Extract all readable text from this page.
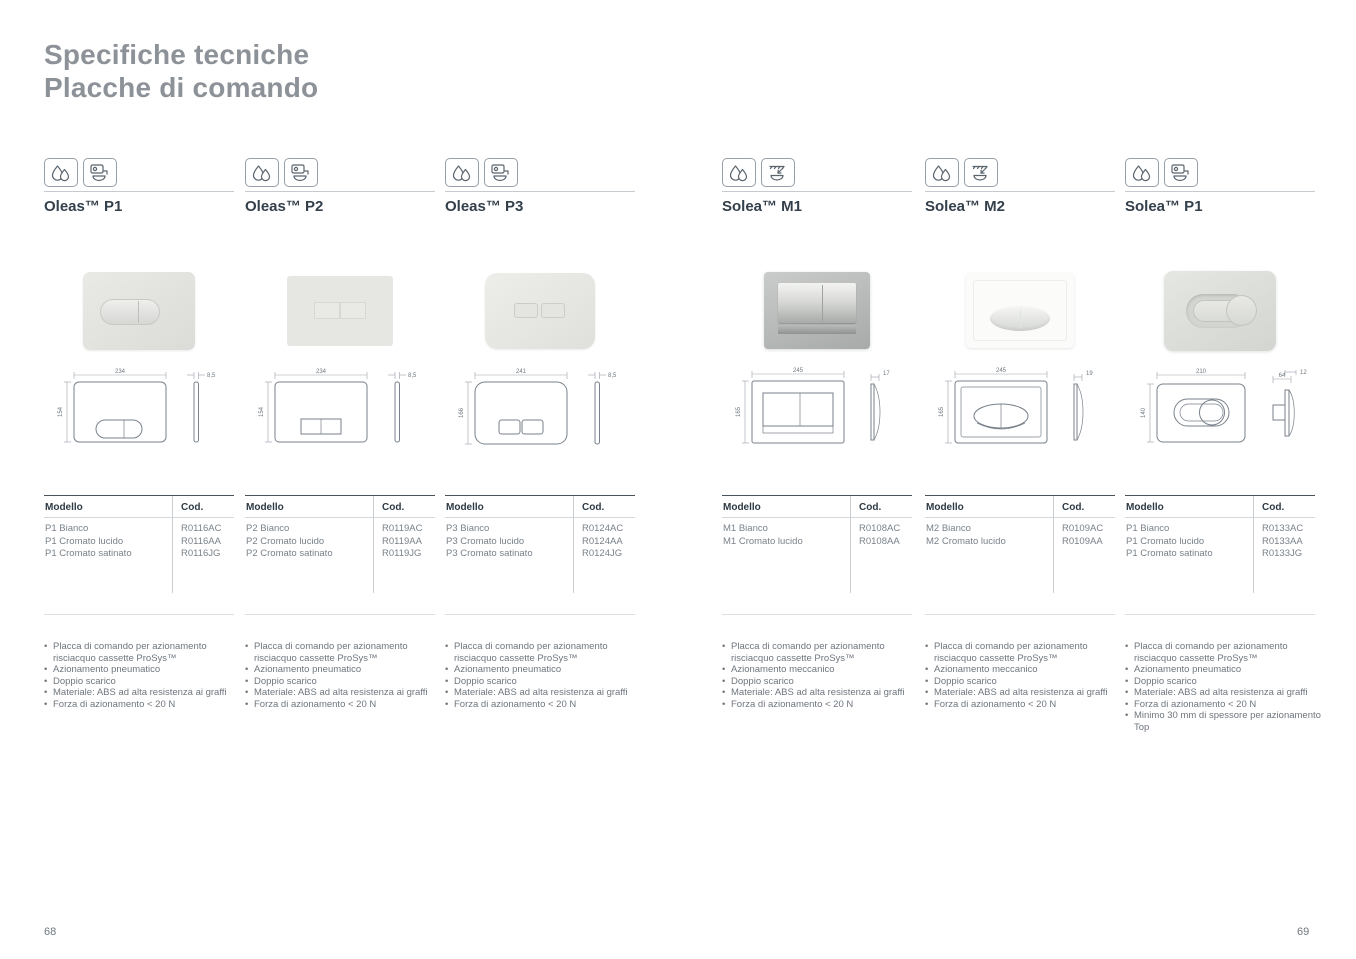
Specifiche tecniche
Placche di comando
Oleas™ P1
234
154
8,5
Modello	Cod.
P1 Bianco	R0116AC
P1 Cromato lucido	R0116AA
P1 Cromato satinato	R0116JG
• Placca di comando per azionamento risciacquo cassette ProSys™
• Azionamento pneumatico
• Doppio scarico
• Materiale: ABS ad alta resistenza ai graffi
• Forza di azionamento < 20 N
Oleas™ P2
234
154
8,5
Modello	Cod.
P2 Bianco	R0119AC
P2 Cromato lucido	R0119AA
P2 Cromato satinato	R0119JG
• Placca di comando per azionamento risciacquo cassette ProSys™
• Azionamento pneumatico
• Doppio scarico
• Materiale: ABS ad alta resistenza ai graffi
• Forza di azionamento < 20 N
Oleas™ P3
241
166
8,5
Modello	Cod.
P3 Bianco	R0124AC
P3 Cromato lucido	R0124AA
P3 Cromato satinato	R0124JG
• Placca di comando per azionamento risciacquo cassette ProSys™
• Azionamento pneumatico
• Doppio scarico
• Materiale: ABS ad alta resistenza ai graffi
• Forza di azionamento < 20 N
Solea™ M1
245
165
17
Modello	Cod.
M1 Bianco	R0108AC
M1 Cromato lucido	R0108AA
• Placca di comando per azionamento risciacquo cassette ProSys™
• Azionamento meccanico
• Doppio scarico
• Materiale: ABS ad alta resistenza ai graffi
• Forza di azionamento < 20 N
Solea™ M2
245
165
19
Modello	Cod.
M2 Bianco	R0109AC
M2 Cromato lucido	R0109AA
• Placca di comando per azionamento risciacquo cassette ProSys™
• Azionamento meccanico
• Doppio scarico
• Materiale: ABS ad alta resistenza ai graffi
• Forza di azionamento < 20 N
Solea™ P1
210
140
64 12
Modello	Cod.
P1 Bianco	R0133AC
P1 Cromato lucido	R0133AA
P1 Cromato satinato	R0133JG
• Placca di comando per azionamento risciacquo cassette ProSys™
• Azionamento pneumatico
• Doppio scarico
• Materiale: ABS ad alta resistenza ai graffi
• Forza di azionamento < 20 N
• Minimo 30 mm di spessore per azionamento Top
68	69
